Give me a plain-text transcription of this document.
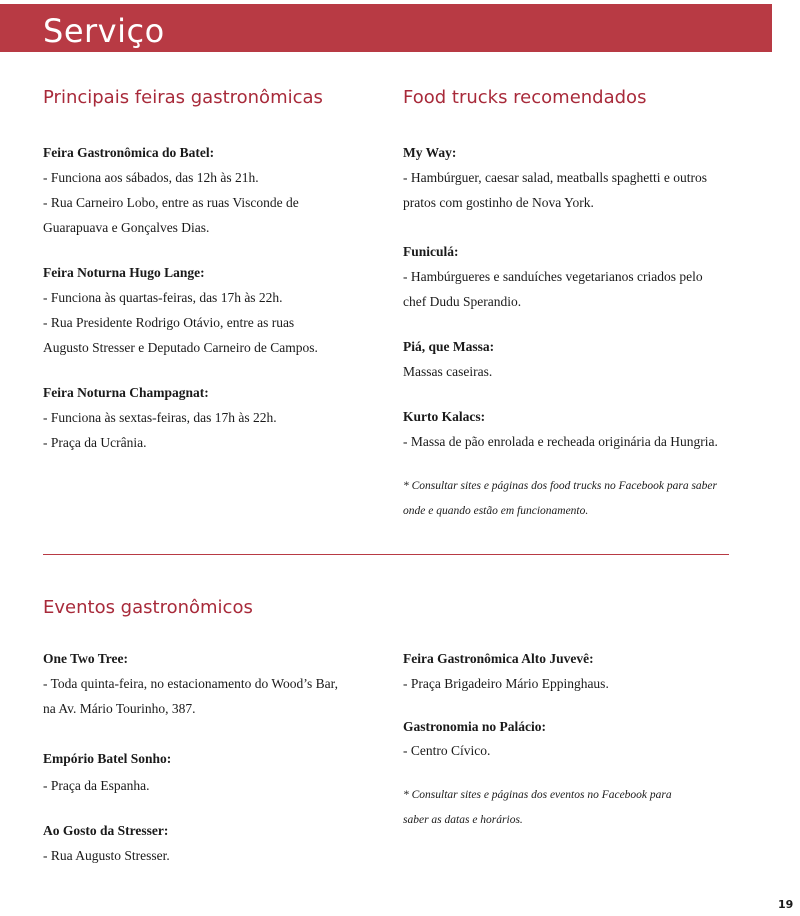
Serviço
Principais feiras gastronômicas

Feira Gastronômica do Batel:

- Funciona aos sábados, das 12h às 21h.

- Rua Carneiro Lobo, entre as ruas Visconde de

Guarapuava e Gonçalves Dias.

Feira Noturna Hugo Lange:

- Funciona às quartas-feiras, das 17h às 22h.

- Rua Presidente Rodrigo Otávio, entre as ruas

Augusto Stresser e Deputado Carneiro de Campos.

Feira Noturna Champagnat:

- Funciona às sextas-feiras, das 17h às 22h.

- Praça da Ucrânia.

Food trucks recomendados

My Way:

- Hambúrguer, caesar salad, meatballs spaghetti e outros

pratos com gostinho de Nova York.

Funiculá:

- Hambúrgueres e sanduíches vegetarianos criados pelo

chef Dudu Sperandio.

Piá, que Massa:

Massas caseiras.

Kurto Kalacs:

- Massa de pão enrolada e recheada originária da Hungria.

* Consultar sites e páginas dos food trucks no Facebook para saber

onde e quando estão em funcionamento.

Eventos gastronômicos

One Two Tree:

- Toda quinta-feira, no estacionamento do Wood’s Bar,

na Av. Mário Tourinho, 387.

Empório Batel Sonho:

- Praça da Espanha.

Ao Gosto da Stresser:

- Rua Augusto Stresser.

Feira Gastronômica Alto Juvevê:

- Praça Brigadeiro Mário Eppinghaus.

Gastronomia no Palácio:

- Centro Cívico.

* Consultar sites e páginas dos eventos no Facebook para

saber as datas e horários.

19
